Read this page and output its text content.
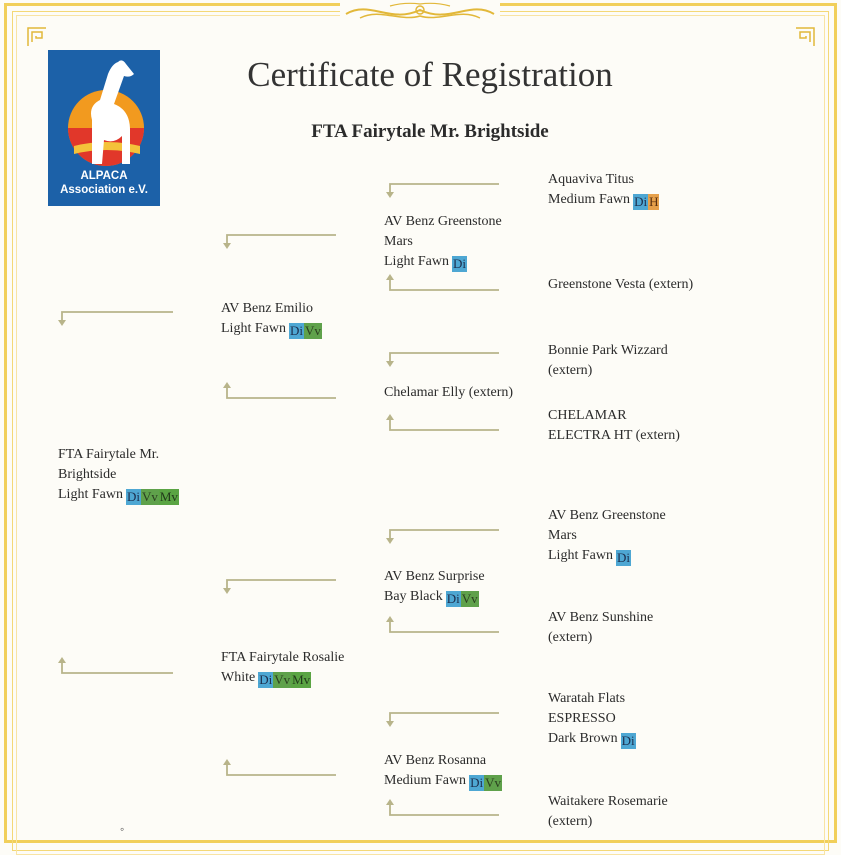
ALPACA
Association e.V.
Certificate of Registration
FTA Fairytale Mr. Brightside
FTA Fairytale Mr.
Brightside
Light Fawn Di Vv Mv
AV Benz Emilio
Light Fawn Di Vv
FTA Fairytale Rosalie
White Di Vv Mv
AV Benz Greenstone
Mars
Light Fawn Di
Chelamar Elly (extern)
AV Benz Surprise
Bay Black Di Vv
AV Benz Rosanna
Medium Fawn Di Vv
Aquaviva Titus
Medium Fawn Di H
Greenstone Vesta (extern)
Bonnie Park Wizzard
(extern)
CHELAMAR
ELECTRA HT (extern)
AV Benz Greenstone
Mars
Light Fawn Di
AV Benz Sunshine
(extern)
Waratah Flats
ESPRESSO
Dark Brown Di
Waitakere Rosemarie
(extern)
◦
